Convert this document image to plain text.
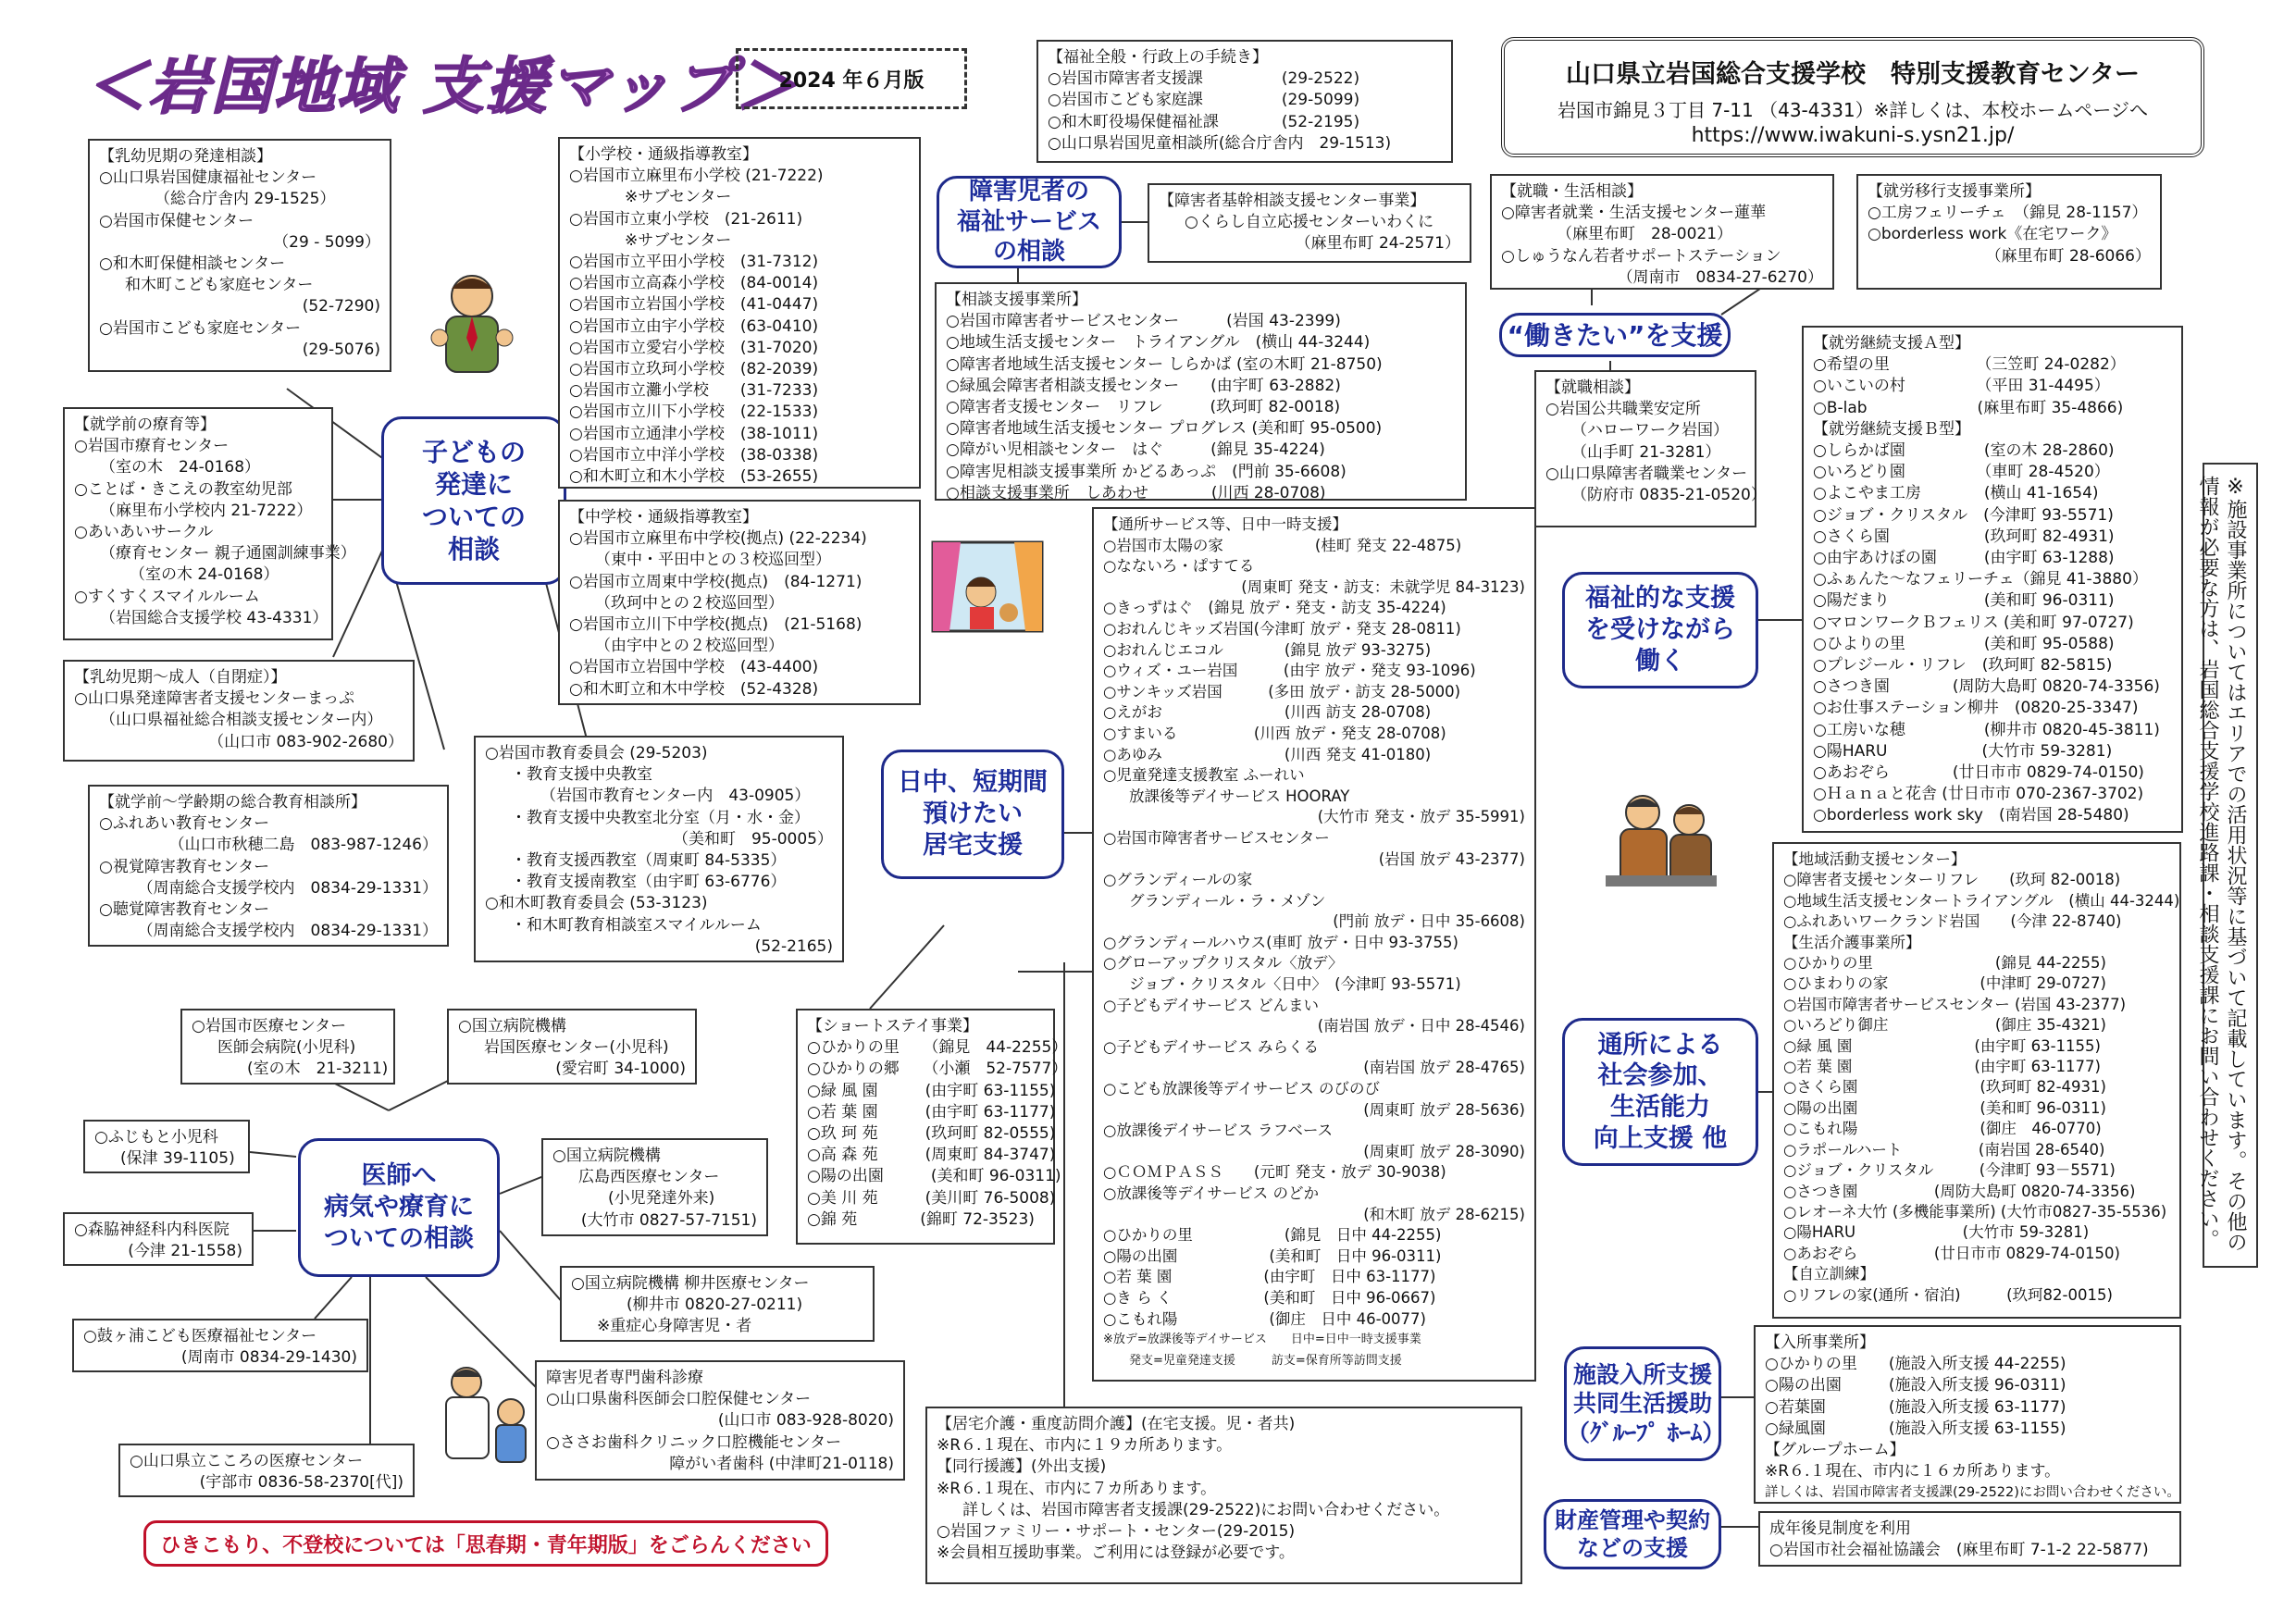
＜岩国地域 支援マップ＞
2024 年６月版	山口県立岩国総合支援学校　特別支援教育センター
岩国市錦見３丁目 7-11 （43-4331）※詳しくは、本校ホームページへ
https://www.iwakuni-s.ysn21.jp/
子どもの
発達に
ついての
相談
障害児者の
福祉サービス
の相談
“働きたい”を支援
福祉的な支援
を受けながら
働く
日中、短期間
預けたい
居宅支援
医師へ
病気や療育に
ついての相談
通所による
社会参加、
生活能力
向上支援 他
施設入所支援
共同生活援助
（ｸﾞﾙｰﾌﾟ ﾎｰﾑ）
財産管理や契約
などの支援
【乳幼児期の発達相談】
○山口県岩国健康福祉センター
（総合庁舎内 29-1525）
○岩国市保健センター
（29 - 5099）
○和木町保健相談センター
和木町こども家庭センター
(52-7290)
○岩国市こども家庭センター
(29-5076)
【就学前の療育等】
○岩国市療育センター
（室の木　24-0168）
○ことば・きこえの教室幼児部
（麻里布小学校内 21-7222）
○あいあいサークル
（療育センター 親子通園訓練事業）
（室の木 24-0168）
○すくすくスマイルルーム
（岩国総合支援学校 43-4331）
【乳幼児期～成人（自閉症）】
○山口県発達障害者支援センターまっぷ
（山口県福祉総合相談支援センター内）
（山口市 083-902-2680）
【就学前～学齢期の総合教育相談所】
○ふれあい教育センター
（山口市秋穂二島　083-987-1246）
○視覚障害教育センター
（周南総合支援学校内　0834-29-1331）
○聴覚障害教育センター
（周南総合支援学校内　0834-29-1331）
【小学校・通級指導教室】
○岩国市立麻里布小学校 (21-7222)
※サブセンター
○岩国市立東小学校　(21-2611)
※サブセンター
○岩国市立平田小学校　(31-7312)
○岩国市立高森小学校　(84-0014)
○岩国市立岩国小学校　(41-0447)
○岩国市立由宇小学校　(63-0410)
○岩国市立愛宕小学校　(31-7020)
○岩国市立玖珂小学校　(82-2039)
○岩国市立灘小学校　　(31-7233)
○岩国市立川下小学校　(22-1533)
○岩国市立通津小学校　(38-1011)
○岩国市立中洋小学校　(38-0338)
○和木町立和木小学校　(53-2655)
【中学校・通級指導教室】
○岩国市立麻里布中学校(拠点) (22-2234)
（東中・平田中との３校巡回型）
○岩国市立周東中学校(拠点)　(84-1271)
（玖珂中との２校巡回型）
○岩国市立川下中学校(拠点)　(21-5168)
（由宇中との２校巡回型）
○岩国市立岩国中学校　(43-4400)
○和木町立和木中学校　(52-4328)
○岩国市教育委員会 (29-5203)
・教育支援中央教室
（岩国市教育センター内　43-0905）
・教育支援中央教室北分室（月・水・金）
（美和町　95-0005）
・教育支援西教室（周東町 84-5335）
・教育支援南教室（由宇町 63-6776）
○和木町教育委員会 (53-3123)
・和木町教育相談室スマイルルーム
(52-2165)
【福祉全般・行政上の手続き】
○岩国市障害者支援課　　　　　(29-2522)
○岩国市こども家庭課　　　　　(29-5099)
○和木町役場保健福祉課　　　　(52-2195)
○山口県岩国児童相談所(総合庁舎内　29-1513)
【障害者基幹相談支援センター事業】
○くらし自立応援センターいわくに
（麻里布町 24-2571）
【相談支援事業所】
○岩国市障害者サービスセンター　　　(岩国 43-2399)
○地域生活支援センター　トライアングル　(横山 44-3244)
○障害者地域生活支援センター しらかば (室の木町 21-8750)
○緑風会障害者相談支援センター　　(由宇町 63-2882)
○障害者支援センター　リフレ　　　(玖珂町 82-0018)
○障害者地域生活支援センター プログレス (美和町 95-0500)
○障がい児相談センター　はぐ　　　(錦見 35-4224)
○障害児相談支援事業所 かどるあっぷ　(門前 35-6608)
○相談支援事業所　しあわせ　　　　(川西 28-0708)
【就職・生活相談】
○障害者就業・生活支援センター蓮華
（麻里布町　28-0021）
○しゅうなん若者サポートステーション
（周南市　0834-27-6270）
【就労移行支援事業所】
○工房フェリーチェ　（錦見 28-1157）
○borderless work《在宅ワーク》
（麻里布町 28-6066）
【就職相談】
○岩国公共職業安定所
（ハローワーク岩国）
（山手町 21-3281）
○山口県障害者職業センター
（防府市 0835-21-0520）
【就労継続支援Ａ型】
○希望の里　　　　　　（三笠町 24-0282）
○いこいの村　　　　　（平田 31-4495）
○B-lab　　　　　　　(麻里布町 35-4866)
【就労継続支援Ｂ型】
○しらかば園　　　　　(室の木 28-2860)
○いろどり園　　　　　（車町 28-4520）
○よこやま工房　　　　(横山 41-1654)
○ジョブ・クリスタル　(今津町 93-5571)
○さくら園　　　　　　(玖珂町 82-4931)
○由宇あけぼの園　　　(由宇町 63-1288)
○ふぁんた～なフェリーチェ（錦見 41-3880）
○陽だまり　　　　　　(美和町 96-0311)
○マロンワークＢフェリス (美和町 97-0727)
○ひよりの里　　　　　(美和町 95-0588)
○プレジール・リフレ　(玖珂町 82-5815)
○さつき園　　　　(周防大島町 0820-74-3356)
○お仕事ステーション柳井　(0820-25-3347)
○工房いな穂　　　　　(柳井市 0820-45-3811)
○陽HARU　　　　　　(大竹市 59-3281)
○あおぞら　　　　(廿日市市 0829-74-0150)
○Ｈａｎａと花舎 (廿日市市 070-2367-3702)
○borderless work sky　(南岩国 28-5480)
【通所サービス等、日中一時支援】
○岩国市太陽の家　　　　　　(桂町 発支 22-4875)
○なないろ・ぱすてる
(周東町 発支・訪支：未就学児 84-3123)
○きっずはぐ　(錦見 放デ・発支・訪支 35-4224)
○おれんじキッズ岩国(今津町 放デ・発支 28-0811)
○おれんじエコル　　　　(錦見 放デ 93-3275)
○ウィズ・ユー岩国　　　(由宇 放デ・発支 93-1096)
○サンキッズ岩国　　　(多田 放デ・訪支 28-5000)
○えがお　　　　　　　　(川西 訪支 28-0708)
○すまいる　　　　　(川西 放デ・発支 28-0708)
○あゆみ　　　　　　　　(川西 発支 41-0180)
○児童発達支援教室 ふーれい
放課後等デイサービス HOORAY
(大竹市 発支・放デ 35-5991)
○岩国市障害者サービスセンター
(岩国 放デ 43-2377)
○グランディールの家
グランディール・ラ・メゾン
(門前 放デ・日中 35-6608)
○グランディールハウス(車町 放デ・日中 93-3755)
○グローアップクリスタル〈放デ〉
ジョブ・クリスタル〈日中〉　(今津町 93-5571)
○子どもデイサービス どんまい
(南岩国 放デ・日中 28-4546)
○子どもデイサービス みらくる
(南岩国 放デ 28-4765)
○こども放課後等デイサービス のびのび
(周東町 放デ 28-5636)
○放課後デイサービス ラフベース
(周東町 放デ 28-3090)
○ＣＯＭＰＡＳＳ　　(元町 発支・放デ 30-9038)
○放課後等デイサービス のどか
(和木町 放デ 28-6215)
○ひかりの里　　　　　　(錦見　日中 44-2255)
○陽の出園　　　　　　(美和町　日中 96-0311)
○若 葉 園　　　　　　(由宇町　日中 63-1177)
○き ら く　　　　　　(美和町　日中 96-0667)
○こもれ陽　　　　　　(御庄　日中 46-0077)
※放デ=放課後等デイサービス　　日中=日中一時支援事業
発支=児童発達支援　　　訪支=保育所等訪問支援
【ショートステイ事業】
○ひかりの里　　（錦見　44-2255）
○ひかりの郷　　（小瀬　52-7577）
○緑 風 園　　　(由宇町 63-1155)
○若 葉 園　　　(由宇町 63-1177)
○玖 珂 苑　　　(玖珂町 82-0555)
○高 森 苑　　　(周東町 84-3747)
○陽の出園　　　(美和町 96-0311)
○美 川 苑　　　(美川町 76-5008)
○錦 苑　　　　(錦町 72-3523)
○岩国市医療センター
医師会病院(小児科)
(室の木　21-3211)
○国立病院機構
岩国医療センター(小児科)
(愛宕町 34-1000)
○ふじもと小児科
(保津 39-1105)
○森脇神経科内科医院
(今津 21-1558)
○国立病院機構
広島西医療センター
(小児発達外来)
(大竹市 0827-57-7151)
○国立病院機構 柳井医療センター
(柳井市 0820-27-0211)
※重症心身障害児・者
○鼓ヶ浦こども医療福祉センター
(周南市 0834-29-1430)
障害児者専門歯科診療
○山口県歯科医師会口腔保健センター
(山口市 083-928-8020)
○ささお歯科クリニック口腔機能センター
障がい者歯科 (中津町21-0118)
○山口県立こころの医療センター
(宇部市 0836-58-2370[代])
【居宅介護・重度訪問介護】(在宅支援。児・者共)
※R６.１現在、市内に１９カ所あります。
【同行援護】(外出支援)
※R６.１現在、市内に７カ所あります。
詳しくは、岩国市障害者支援課(29-2522)にお問い合わせください。
○岩国ファミリー・サポート・センター(29-2015)
※会員相互援助事業。ご利用には登録が必要です。
【地域活動支援センター】
○障害者支援センターリフレ　　(玖珂 82-0018)
○地域生活支援センタートライアングル　(横山 44-3244)
○ふれあいワークランド岩国　　(今津 22-8740)
【生活介護事業所】
○ひかりの里　　　　　　　　(錦見 44-2255)
○ひまわりの家　　　　　　(中津町 29-0727)
○岩国市障害者サービスセンター (岩国 43-2377)
○いろどり御庄　　　　　　　(御庄 35-4321)
○緑 風 園　　　　　　　　(由宇町 63-1155)
○若 葉 園　　　　　　　　(由宇町 63-1177)
○さくら園　　　　　　　　(玖珂町 82-4931)
○陽の出園　　　　　　　　(美和町 96-0311)
○こもれ陽　　　　　　　　(御庄　46-0770)
○ラポールハート　　　　　(南岩国 28-6540)
○ジョブ・クリスタル　　　(今津町 93－5571)
○さつき園　　　　　(周防大島町 0820-74-3356)
○レオーネ大竹 (多機能事業所) (大竹市0827-35-5536)
○陽HARU　　　　　　　(大竹市 59-3281)
○あおぞら　　　　　(廿日市市 0829-74-0150)
【自立訓練】
○リフレの家(通所・宿泊)　　　(玖珂82-0015)
【入所事業所】
○ひかりの里　　(施設入所支援 44-2255)
○陽の出園　　　(施設入所支援 96-0311)
○若葉園　　　　(施設入所支援 63-1177)
○緑風園　　　　(施設入所支援 63-1155)
【グループホーム】
※R６.１現在、市内に１６カ所あります。
詳しくは、岩国市障害者支援課(29-2522)にお問い合わせください。
成年後見制度を利用
○岩国市社会福祉協議会　(麻里布町 7-1-2 22-5877)
※施設事業所についてはエリアでの活用状況等に基づいて記載しています。その他の情報が必要な方は、岩国総合支援学校進路課・相談支援課にお問い合わせください。
ひきこもり、不登校については「思春期・青年期版」をごらんください
